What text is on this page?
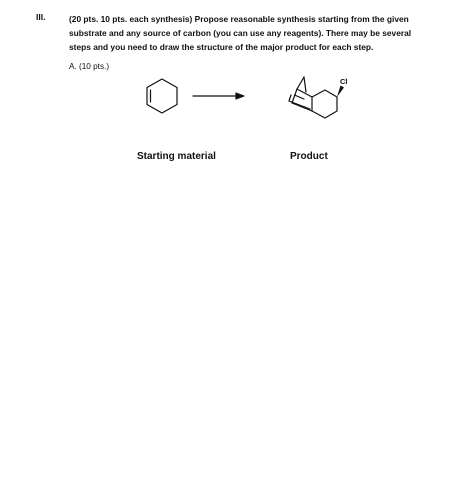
III.	(20 pts. 10 pts. each synthesis) Propose reasonable synthesis starting from the given
substrate and any source of carbon (you can use any reagents). There may be several
steps and you need to draw the structure of the major product for each step.
A. (10 pts.)
Cl
Starting material	Product
